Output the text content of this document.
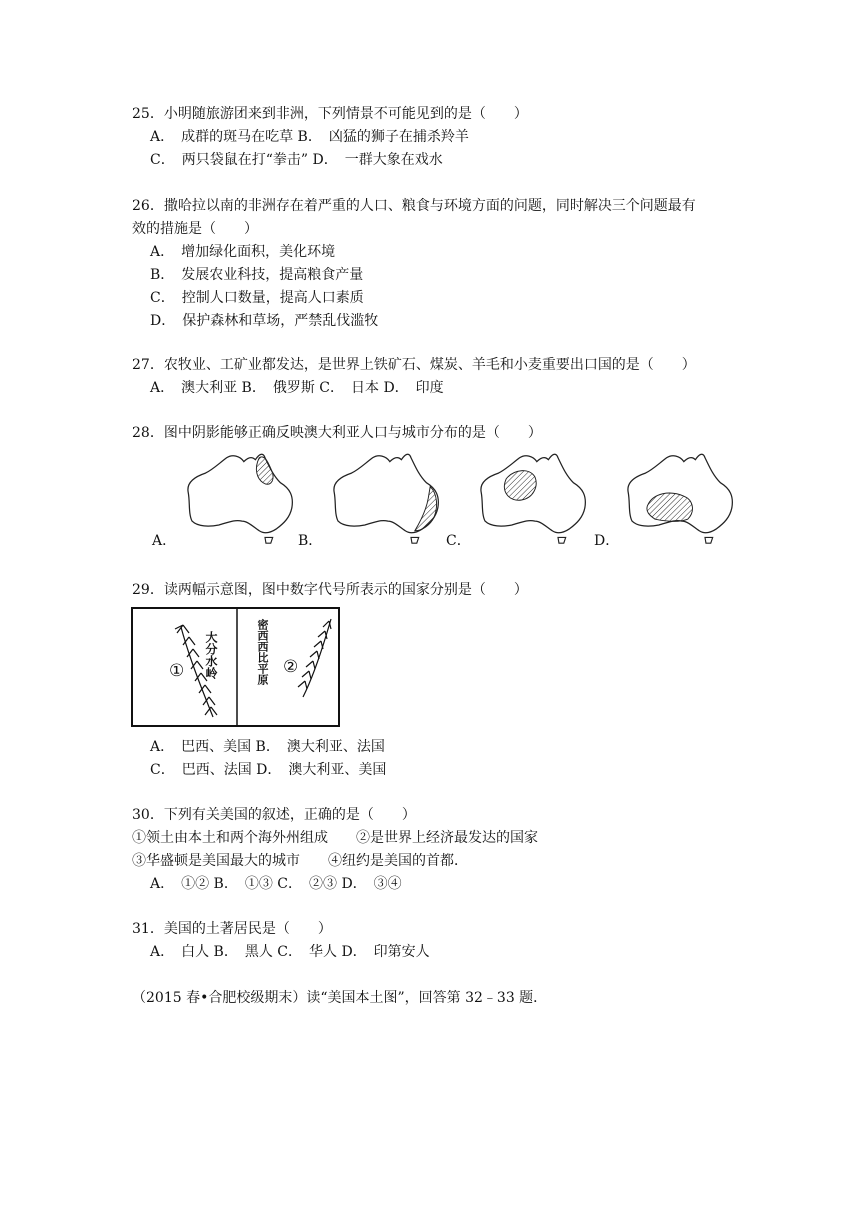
25．小明随旅游团来到非洲，下列情景不可能见到的是（　　）
A．　成群的斑马在吃草 B．　凶猛的狮子在捕杀羚羊
C．　两只袋鼠在打“拳击” D．　一群大象在戏水
26．撒哈拉以南的非洲存在着严重的人口、粮食与环境方面的问题，同时解决三个问题最有
效的措施是（　　）
A．　增加绿化面积，美化环境
B．　发展农业科技，提高粮食产量
C．　控制人口数量，提高人口素质
D．　保护森林和草场，严禁乱伐滥牧
27．农牧业、工矿业都发达，是世界上铁矿石、煤炭、羊毛和小麦重要出口国的是（　　）
A．　澳大利亚 B．　俄罗斯 C．　日本 D．　印度
28．图中阴影能够正确反映澳大利亚人口与城市分布的是（　　）
A．	B．	C．	D．
29．读两幅示意图，图中数字代号所表示的国家分别是（　　）
① 大分水岭	②
密西西比平原
A．　巴西、美国 B．　澳大利亚、法国
C．　巴西、法国 D．　澳大利亚、美国
30．下列有关美国的叙述，正确的是（　　）
①领土由本土和两个海外州组成　　②是世界上经济最发达的国家
③华盛顿是美国最大的城市　　④纽约是美国的首都．
A．　①② B．　①③ C．　②③ D．　③④
31．美国的土著居民是（　　）
A．　白人 B．　黑人 C．　华人 D．　印第安人
（2015 春•合肥校级期末）读“美国本土图”，回答第 32﹣33 题．
